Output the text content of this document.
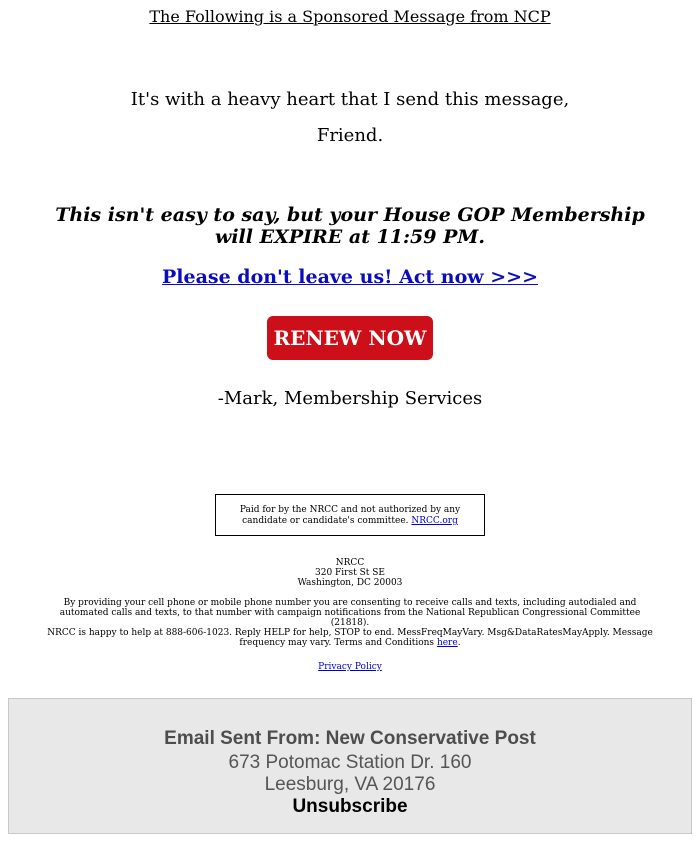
The Following is a Sponsored Message from NCP
It's with a heavy heart that I send this message,
Friend.
This isn't easy to say, but your House GOP Membership will EXPIRE at 11:59 PM.
Please don't leave us! Act now >>>
RENEW NOW
-Mark, Membership Services
Paid for by the NRCC and not authorized by any candidate or candidate's committee. NRCC.org
NRCC
320 First St SE
Washington, DC 20003
By providing your cell phone or mobile phone number you are consenting to receive calls and texts, including autodialed and automated calls and texts, to that number with campaign notifications from the National Republican Congressional Committee (21818).
NRCC is happy to help at 888-606-1023. Reply HELP for help, STOP to end. MessFreqMayVary. Msg&DataRatesMayApply. Message frequency may vary. Terms and Conditions here.
Privacy Policy
Email Sent From: New Conservative Post
673 Potomac Station Dr. 160
Leesburg, VA 20176
Unsubscribe
